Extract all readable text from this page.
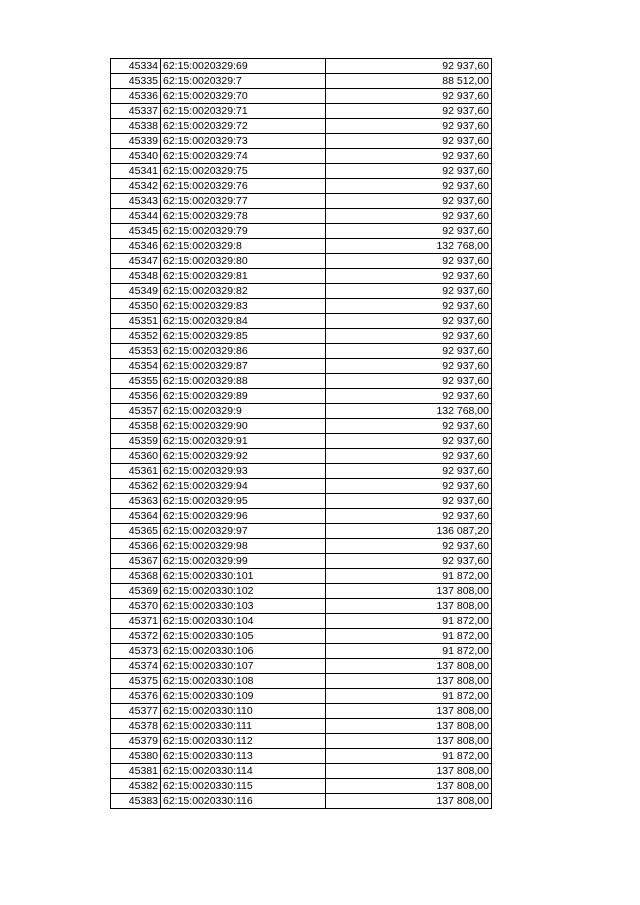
45334	62:15:0020329:69	92 937,60
45335	62:15:0020329:7	88 512,00
45336	62:15:0020329:70	92 937,60
45337	62:15:0020329:71	92 937,60
45338	62:15:0020329:72	92 937,60
45339	62:15:0020329:73	92 937,60
45340	62:15:0020329:74	92 937,60
45341	62:15:0020329:75	92 937,60
45342	62:15:0020329:76	92 937,60
45343	62:15:0020329:77	92 937,60
45344	62:15:0020329:78	92 937,60
45345	62:15:0020329:79	92 937,60
45346	62:15:0020329:8	132 768,00
45347	62:15:0020329:80	92 937,60
45348	62:15:0020329:81	92 937,60
45349	62:15:0020329:82	92 937,60
45350	62:15:0020329:83	92 937,60
45351	62:15:0020329:84	92 937,60
45352	62:15:0020329:85	92 937,60
45353	62:15:0020329:86	92 937,60
45354	62:15:0020329:87	92 937,60
45355	62:15:0020329:88	92 937,60
45356	62:15:0020329:89	92 937,60
45357	62:15:0020329:9	132 768,00
45358	62:15:0020329:90	92 937,60
45359	62:15:0020329:91	92 937,60
45360	62:15:0020329:92	92 937,60
45361	62:15:0020329:93	92 937,60
45362	62:15:0020329:94	92 937,60
45363	62:15:0020329:95	92 937,60
45364	62:15:0020329:96	92 937,60
45365	62:15:0020329:97	136 087,20
45366	62:15:0020329:98	92 937,60
45367	62:15:0020329:99	92 937,60
45368	62:15:0020330:101	91 872,00
45369	62:15:0020330:102	137 808,00
45370	62:15:0020330:103	137 808,00
45371	62:15:0020330:104	91 872,00
45372	62:15:0020330:105	91 872,00
45373	62:15:0020330:106	91 872,00
45374	62:15:0020330:107	137 808,00
45375	62:15:0020330:108	137 808,00
45376	62:15:0020330:109	91 872,00
45377	62:15:0020330:110	137 808,00
45378	62:15:0020330:111	137 808,00
45379	62:15:0020330:112	137 808,00
45380	62:15:0020330:113	91 872,00
45381	62:15:0020330:114	137 808,00
45382	62:15:0020330:115	137 808,00
45383	62:15:0020330:116	137 808,00
